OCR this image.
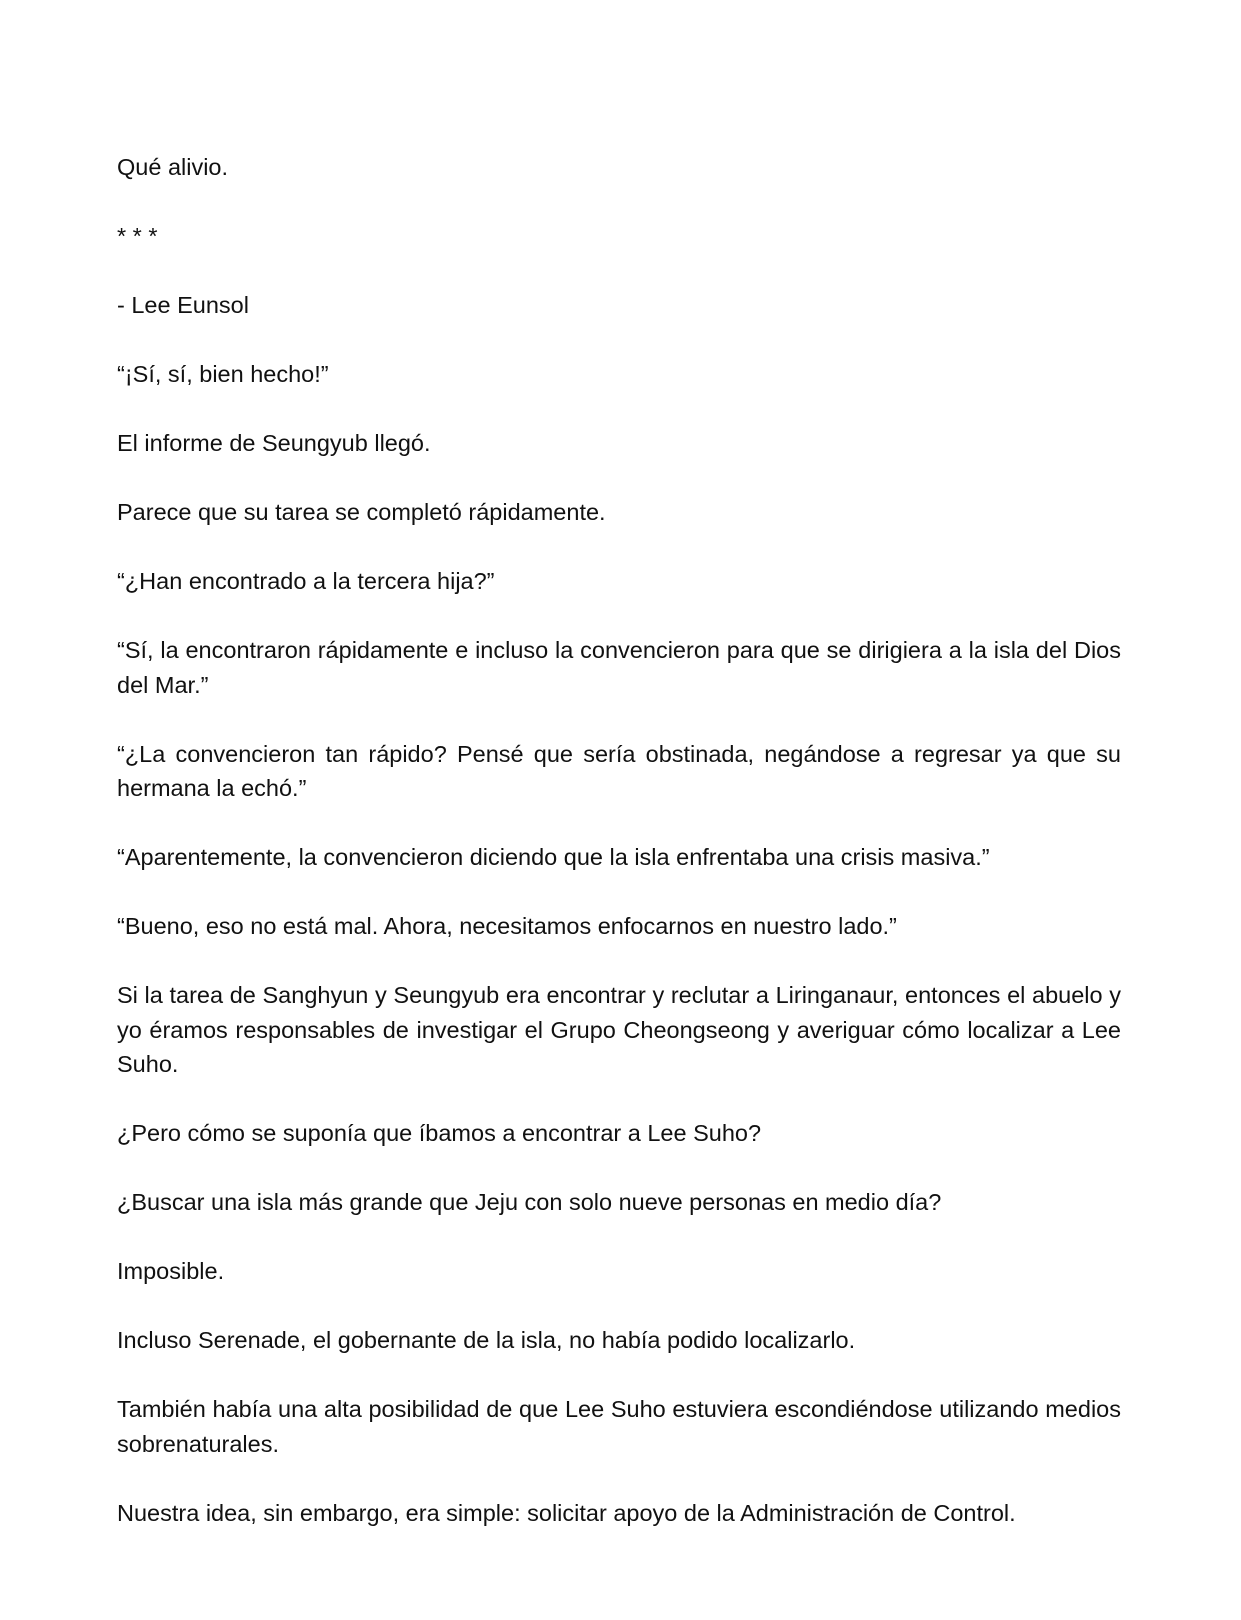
Qué alivio.

* * *

- Lee Eunsol

“¡Sí, sí, bien hecho!”

El informe de Seungyub llegó.

Parece que su tarea se completó rápidamente.

“¿Han encontrado a la tercera hija?”

“Sí, la encontraron rápidamente e incluso la convencieron para que se dirigiera a la isla del Dios del Mar.”

“¿La convencieron tan rápido? Pensé que sería obstinada, negándose a regresar ya que su hermana la echó.”

“Aparentemente, la convencieron diciendo que la isla enfrentaba una crisis masiva.”

“Bueno, eso no está mal. Ahora, necesitamos enfocarnos en nuestro lado.”

Si la tarea de Sanghyun y Seungyub era encontrar y reclutar a Liringanaur, entonces el abuelo y yo éramos responsables de investigar el Grupo Cheongseong y averiguar cómo localizar a Lee Suho.

¿Pero cómo se suponía que íbamos a encontrar a Lee Suho?

¿Buscar una isla más grande que Jeju con solo nueve personas en medio día?

Imposible.

Incluso Serenade, el gobernante de la isla, no había podido localizarlo.

También había una alta posibilidad de que Lee Suho estuviera escondiéndose utilizando medios sobrenaturales.

Nuestra idea, sin embargo, era simple: solicitar apoyo de la Administración de Control.
